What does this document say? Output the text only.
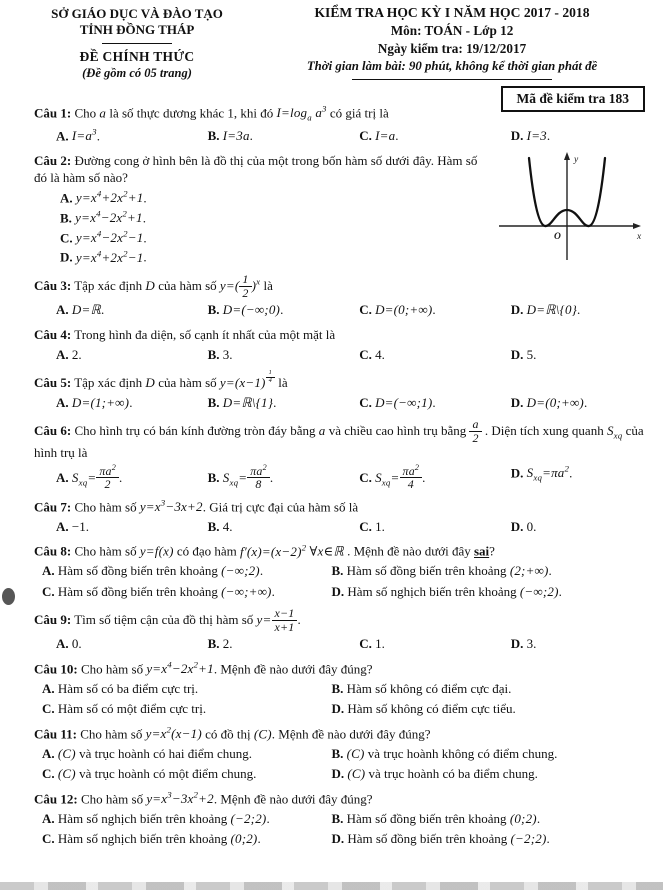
SỞ GIÁO DỤC VÀ ĐÀO TẠO
TỈNH ĐỒNG THÁP
ĐỀ CHÍNH THỨC
(Đề gồm có 05 trang)
KIỂM TRA HỌC KỲ I NĂM HỌC 2017 - 2018
Môn: TOÁN - Lớp 12
Ngày kiểm tra: 19/12/2017
Thời gian làm bài: 90 phút, không kể thời gian phát đề
Mã đề kiểm tra 183

Câu 1: Cho a là số thực dương khác 1, khi đó $I=\log_a$ $a^3$ có giá trị là

A. $I=a^3$.	B. I=3a.	C. I=a.	D. I=3.

Câu 2: Đường cong ở hình bên là đồ thị của một trong bốn hàm số dưới đây. Hàm số đó là hàm số nào?

x
y
O
A. $y=x^4+2x^2+1$.
B. $y=x^4-2x^2+1$.
C. $y=x^4-2x^2-1$.
D. $y=x^4+2x^2-1$.

Câu 3: Tập xác định D của hàm số $y=( \frac{1}{2} )^x$ là

A. D=ℝ.	B. D=(−∞;0).	C. D=(0;+∞).	D. D=ℝ\{0}.

Câu 4: Trong hình đa diện, số cạnh ít nhất của một mặt là

A. 2.	B. 3.	C. 4.	D. 5.

Câu 5: Tập xác định D của hàm số y=(x−1) $^{\frac{1}{4}}$ là

A. D=(1;+∞).	B. D=ℝ\{1}.	C. D=(−∞;1).	D. D=(0;+∞).

Câu 6: Cho hình trụ có bán kính đường tròn đáy bằng a và chiều cao hình trụ bằng $\frac{a}{2}$ . Diện tích xung quanh $S_{xq}$ của hình trụ là

A. $S_{xq}= \frac{\pi a^2}{2}$ .	B. $S_{xq}= \frac{\pi a^2}{8}$ .	C. $S_{xq}= \frac{\pi a^2}{4}$ .	D. $S_{xq}=\pi a^2$.

Câu 7: Cho hàm số $y=x^3-3x+2$. Giá trị cực đại của hàm số là

A. −1.	B. 4.	C. 1.	D. 0.

Câu 8: Cho hàm số y=f(x) có đạo hàm $f'(x)=(x-2)^2$ ∀x∈ℝ . Mệnh đề nào dưới đây sai?

A. Hàm số đồng biến trên khoảng (−∞;2).	B. Hàm số đồng biến trên khoảng (2;+∞).
C. Hàm số đồng biến trên khoảng (−∞;+∞).	D. Hàm số nghịch biến trên khoảng (−∞;2).

Câu 9: Tìm số tiệm cận của đồ thị hàm số $y= \frac{x-1}{x+1}$ .

A. 0.	B. 2.	C. 1.	D. 3.

Câu 10: Cho hàm số $y=x^4-2x^2+1$. Mệnh đề nào dưới đây đúng?

A. Hàm số có ba điểm cực trị.	B. Hàm số không có điểm cực đại.
C. Hàm số có một điểm cực trị.	D. Hàm số không có điểm cực tiểu.

Câu 11: Cho hàm số $y=x^2(x-1)$ có đồ thị (C). Mệnh đề nào dưới đây đúng?

A. (C) và trục hoành có hai điểm chung.	B. (C) và trục hoành không có điểm chung.
C. (C) và trục hoành có một điểm chung.	D. (C) và trục hoành có ba điểm chung.

Câu 12: Cho hàm số $y=x^3-3x^2+2$. Mệnh đề nào dưới đây đúng?

A. Hàm số nghịch biến trên khoảng (−2;2).	B. Hàm số đồng biến trên khoảng (0;2).
C. Hàm số nghịch biến trên khoảng (0;2).	D. Hàm số đồng biến trên khoảng (−2;2).
